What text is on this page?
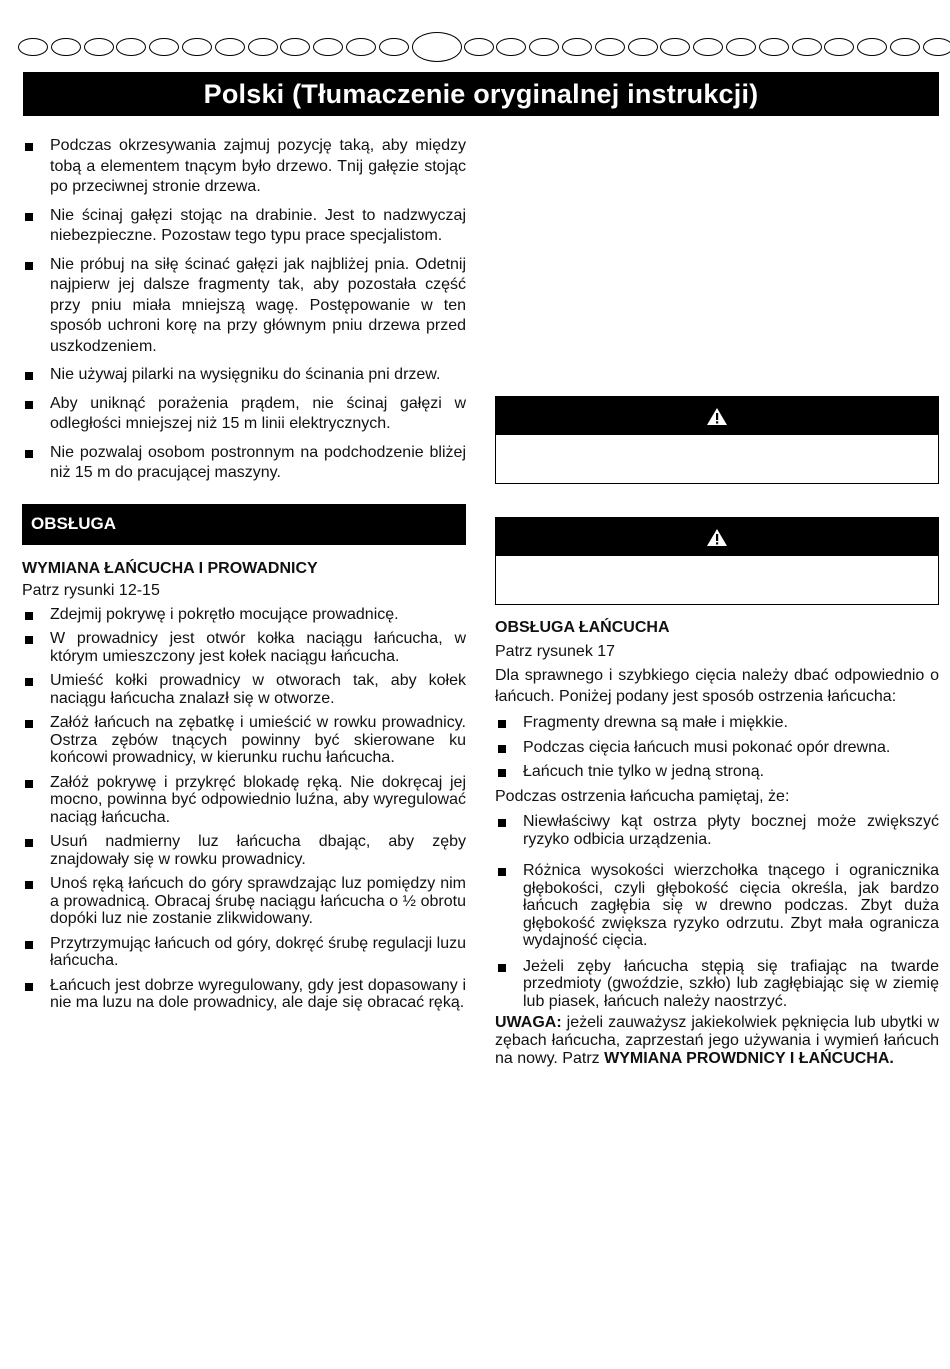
Polski (Tłumaczenie oryginalnej instrukcji)
Podczas okrzesywania zajmuj pozycję taką, aby między tobą a elementem tnącym było drzewo. Tnij gałęzie stojąc po przeciwnej stronie drzewa.
Nie ścinaj gałęzi stojąc na drabinie. Jest to nadzwyczaj niebezpieczne. Pozostaw tego typu prace specjalistom.
Nie próbuj na siłę ścinać gałęzi jak najbliżej pnia. Odetnij najpierw jej dalsze fragmenty tak, aby pozostała część przy pniu miała mniejszą wagę. Postępowanie w ten sposób uchroni korę na przy głównym pniu drzewa przed uszkodzeniem.
Nie używaj pilarki na wysięgniku do ścinania pni drzew.
Aby uniknąć porażenia prądem, nie ścinaj gałęzi w odległości mniejszej niż 15 m linii elektrycznych.
Nie pozwalaj osobom postronnym na podchodzenie bliżej niż 15 m do pracującej maszyny.
OBSŁUGA
WYMIANA ŁAŃCUCHA I PROWADNICY
Patrz rysunki 12-15
Zdejmij pokrywę i pokrętło mocujące prowadnicę.
W prowadnicy jest otwór kołka naciągu łańcucha, w którym umieszczony jest kołek naciągu łańcucha.
Umieść kołki prowadnicy w otworach tak, aby kołek naciągu łańcucha znalazł się w otworze.
Załóż łańcuch na zębatkę i umieścić w rowku prowadnicy. Ostrza zębów tnących powinny być skierowane ku końcowi prowadnicy, w kierunku ruchu łańcucha.
Załóż pokrywę i przykręć blokadę ręką. Nie dokręcaj jej mocno, powinna być odpowiednio luźna, aby wyregulować naciąg łańcucha.
Usuń nadmierny luz łańcucha dbając, aby zęby znajdowały się w rowku prowadnicy.
Unoś ręką łańcuch do góry sprawdzając luz pomiędzy nim a prowadnicą. Obracaj śrubę naciągu łańcucha o ½ obrotu dopóki luz nie zostanie zlikwidowany.
Przytrzymując łańcuch od góry, dokręć śrubę regulacji luzu łańcucha.
Łańcuch jest dobrze wyregulowany, gdy jest dopasowany i nie ma luzu na dole prowadnicy, ale daje się obracać ręką.
OBSŁUGA ŁAŃCUCHA
Patrz rysunek 17
Dla sprawnego i szybkiego cięcia należy dbać odpowiednio o łańcuch. Poniżej podany jest sposób ostrzenia łańcucha:
Fragmenty drewna są małe i miękkie.
Podczas cięcia łańcuch musi pokonać opór drewna.
Łańcuch tnie tylko w jedną stroną.
Podczas ostrzenia łańcucha pamiętaj, że:
Niewłaściwy kąt ostrza płyty bocznej może zwiększyć ryzyko odbicia urządzenia.
Różnica wysokości wierzchołka tnącego i ogranicznika głębokości, czyli głębokość cięcia określa, jak bardzo łańcuch zagłębia się w drewno podczas. Zbyt duża głębokość zwiększa ryzyko odrzutu. Zbyt mała ogranicza wydajność cięcia.
Jeżeli zęby łańcucha stępią się trafiając na twarde przedmioty (gwoździe, szkło) lub zagłębiając się w ziemię lub piasek, łańcuch należy naostrzyć.
UWAGA: jeżeli zauważysz jakiekolwiek pęknięcia lub ubytki w zębach łańcucha, zaprzestań jego używania i wymień łańcuch na nowy. Patrz WYMIANA PROWDNICY I ŁAŃCUCHA.
